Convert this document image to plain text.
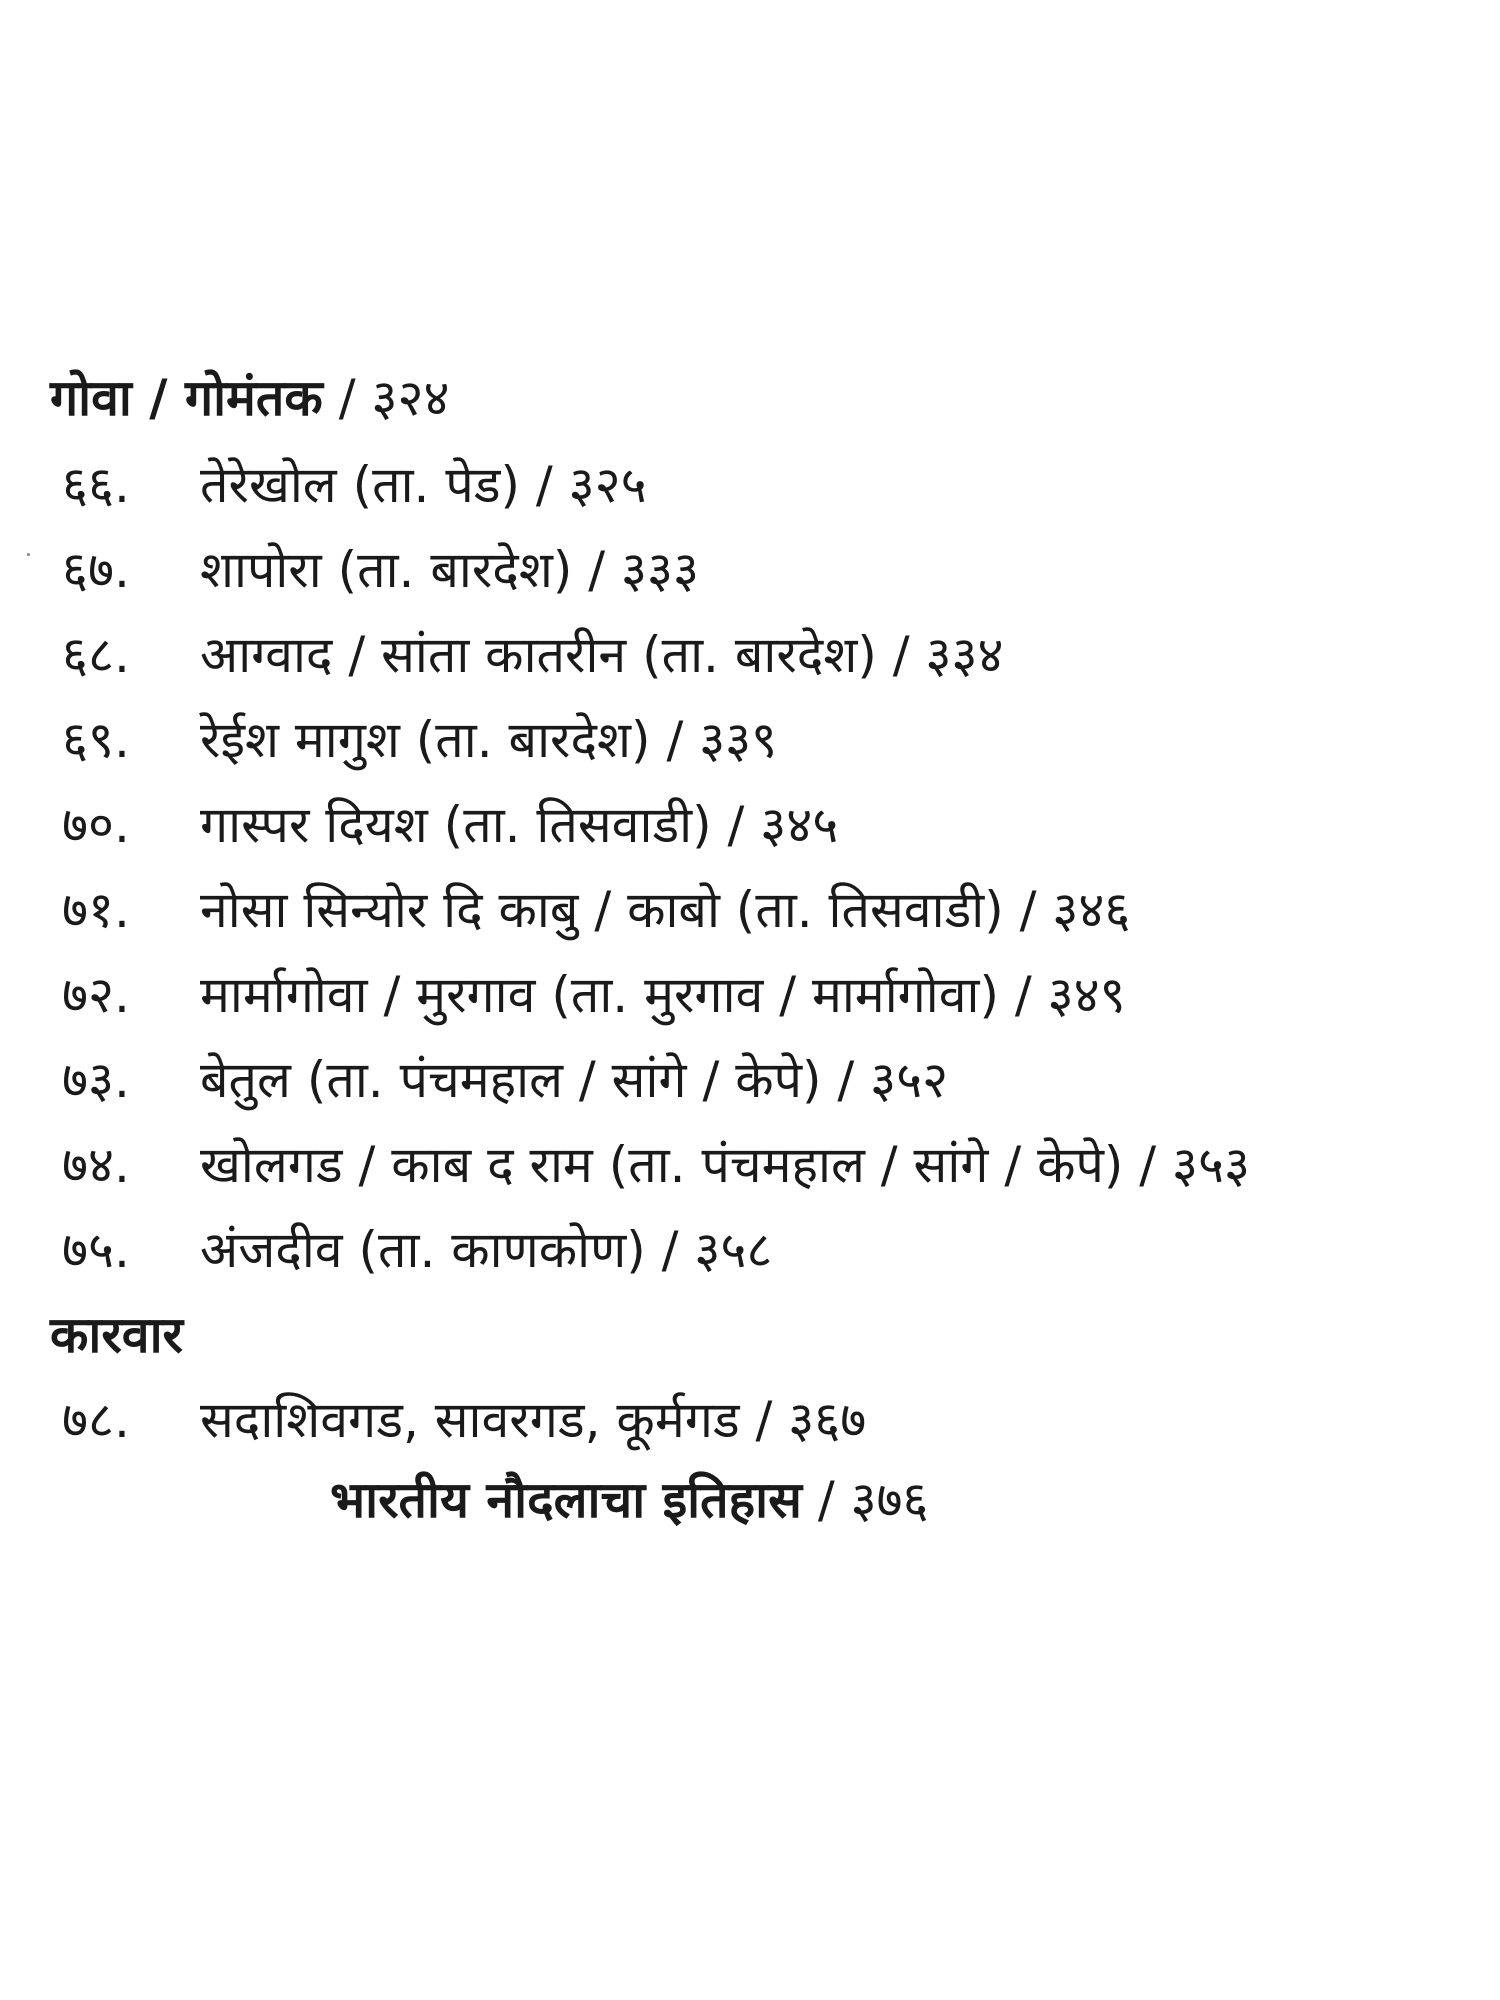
गोवा / गोमंतक / ३२४
६६.	तेरेखोल (ता. पेड) / ३२५
६७.	शापोरा (ता. बारदेश) / ३३३
६८.	आग्वाद / सांता कातरीन (ता. बारदेश) / ३३४
६९.	रेईश मागुश (ता. बारदेश) / ३३९
७०.	गास्पर दियश (ता. तिसवाडी) / ३४५
७१.	नोसा सिन्योर दि काबु / काबो (ता. तिसवाडी) / ३४६
७२.	मार्मागोवा / मुरगाव (ता. मुरगाव / मार्मागोवा) / ३४९
७३.	बेतुल (ता. पंचमहाल / सांगे / केपे) / ३५२
७४.	खोलगड / काब द राम (ता. पंचमहाल / सांगे / केपे) / ३५३
७५.	अंजदीव (ता. काणकोण) / ३५८
कारवार
७८.	सदाशिवगड, सावरगड, कूर्मगड / ३६७
भारतीय नौदलाचा इतिहास / ३७६
